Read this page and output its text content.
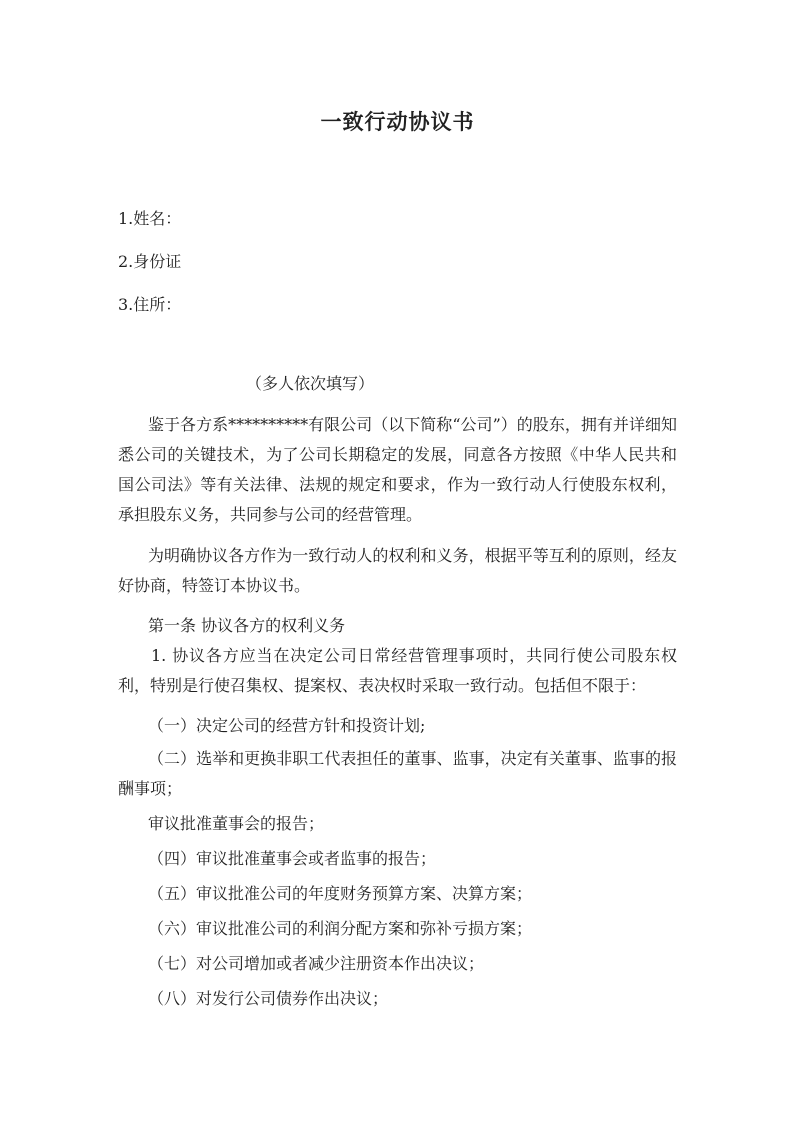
一致行动协议书

1.姓名：

2.身份证

3.住所：

（多人依次填写）

鉴于各方系**********有限公司（以下简称“公司”）的股东，拥有并详细知悉公司的关键技术，为了公司长期稳定的发展，同意各方按照《中华人民共和国公司法》等有关法律、法规的规定和要求，作为一致行动人行使股东权利，承担股东义务，共同参与公司的经营管理。

为明确协议各方作为一致行动人的权利和义务，根据平等互利的原则，经友好协商，特签订本协议书。

第一条 协议各方的权利义务

1. 协议各方应当在决定公司日常经营管理事项时，共同行使公司股东权利，特别是行使召集权、提案权、表决权时采取一致行动。包括但不限于：

（一）决定公司的经营方针和投资计划;

（二）选举和更换非职工代表担任的董事、监事，决定有关董事、监事的报酬事项；

审议批准董事会的报告；

（四）审议批准董事会或者监事的报告；

（五）审议批准公司的年度财务预算方案、决算方案；

（六）审议批准公司的利润分配方案和弥补亏损方案；

（七）对公司增加或者减少注册资本作出决议；

（八）对发行公司债券作出决议；
